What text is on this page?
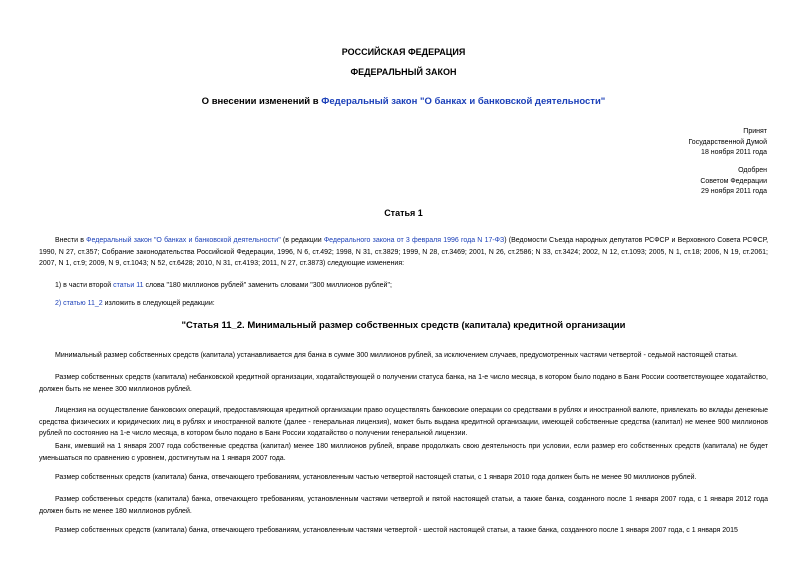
РОССИЙСКАЯ ФЕДЕРАЦИЯ
ФЕДЕРАЛЬНЫЙ ЗАКОН
О внесении изменений в Федеральный закон "О банках и банковской деятельности"
Принят
Государственной Думой
18 ноября 2011 года
Одобрен
Советом Федерации
29 ноября 2011 года
Статья 1

Внести в Федеральный закон "О банках и банковской деятельности" (в редакции Федерального закона от 3 февраля 1996 года N 17-ФЗ) (Ведомости Съезда народных депутатов РСФСР и Верховного Совета РСФСР, 1990, N 27, ст.357; Собрание законодательства Российской Федерации, 1996, N 6, ст.492; 1998, N 31, ст.3829; 1999, N 28, ст.3469; 2001, N 26, ст.2586; N 33, ст.3424; 2002, N 12, ст.1093; 2005, N 1, ст.18; 2006, N 19, ст.2061; 2007, N 1, ст.9; 2009, N 9, ст.1043; N 52, ст.6428; 2010, N 31, ст.4193; 2011, N 27, ст.3873) следующие изменения:

1) в части второй статьи 11 слова "180 миллионов рублей" заменить словами "300 миллионов рублей";

2) статью 11_2 изложить в следующей редакции:

"Статья 11_2. Минимальный размер собственных средств (капитала) кредитной организации

Минимальный размер собственных средств (капитала) устанавливается для банка в сумме 300 миллионов рублей, за исключением случаев, предусмотренных частями четвертой - седьмой настоящей статьи.

Размер собственных средств (капитала) небанковской кредитной организации, ходатайствующей о получении статуса банка, на 1-е число месяца, в котором было подано в Банк России соответствующее ходатайство, должен быть не менее 300 миллионов рублей.

Лицензия на осуществление банковских операций, предоставляющая кредитной организации право осуществлять банковские операции со средствами в рублях и иностранной валюте, привлекать во вклады денежные средства физических и юридических лиц в рублях и иностранной валюте (далее - генеральная лицензия), может быть выдана кредитной организации, имеющей собственные средства (капитал) не менее 900 миллионов рублей по состоянию на 1-е число месяца, в котором было подано в Банк России ходатайство о получении генеральной лицензии.

Банк, имевший на 1 января 2007 года собственные средства (капитал) менее 180 миллионов рублей, вправе продолжать свою деятельность при условии, если размер его собственных средств (капитала) не будет уменьшаться по сравнению с уровнем, достигнутым на 1 января 2007 года.

Размер собственных средств (капитала) банка, отвечающего требованиям, установленным частью четвертой настоящей статьи, с 1 января 2010 года должен быть не менее 90 миллионов рублей.

Размер собственных средств (капитала) банка, отвечающего требованиям, установленным частями четвертой и пятой настоящей статьи, а также банка, созданного после 1 января 2007 года, с 1 января 2012 года должен быть не менее 180 миллионов рублей.

Размер собственных средств (капитала) банка, отвечающего требованиям, установленным частями четвертой - шестой настоящей статьи, а также банка, созданного после 1 января 2007 года, с 1 января 2015
